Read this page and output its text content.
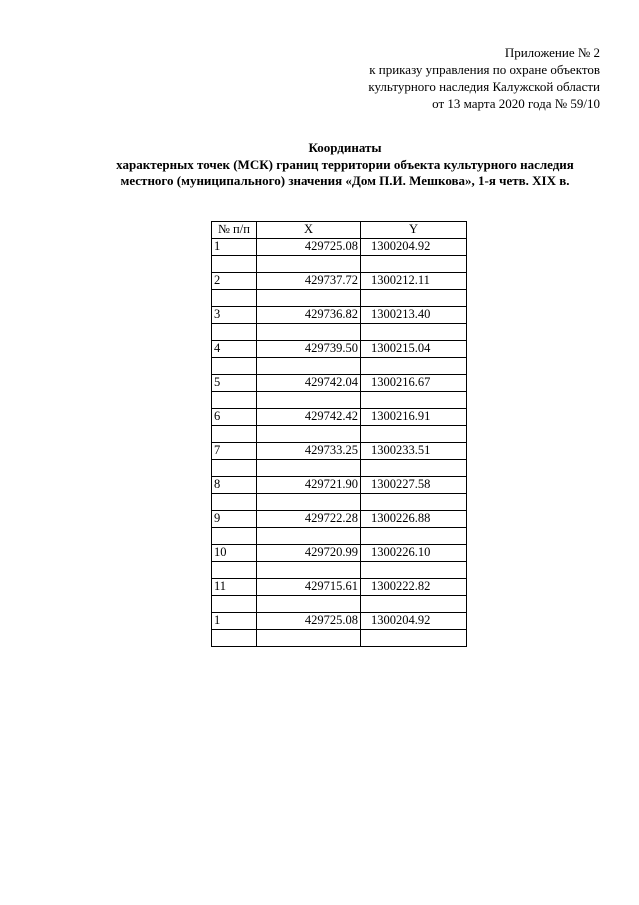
Приложение № 2
к приказу управления по охране объектов
культурного наследия Калужской области
от 13 марта 2020 года № 59/10
Координаты
характерных точек (МСК) границ территории объекта культурного наследия
местного (муниципального) значения «Дом П.И. Мешкова», 1-я четв. XIX в.
№ п/п	X	Y
1	429725.08	1300204.92

2	429737.72	1300212.11

3	429736.82	1300213.40

4	429739.50	1300215.04

5	429742.04	1300216.67

6	429742.42	1300216.91

7	429733.25	1300233.51

8	429721.90	1300227.58

9	429722.28	1300226.88

10	429720.99	1300226.10

11	429715.61	1300222.82

1	429725.08	1300204.92
